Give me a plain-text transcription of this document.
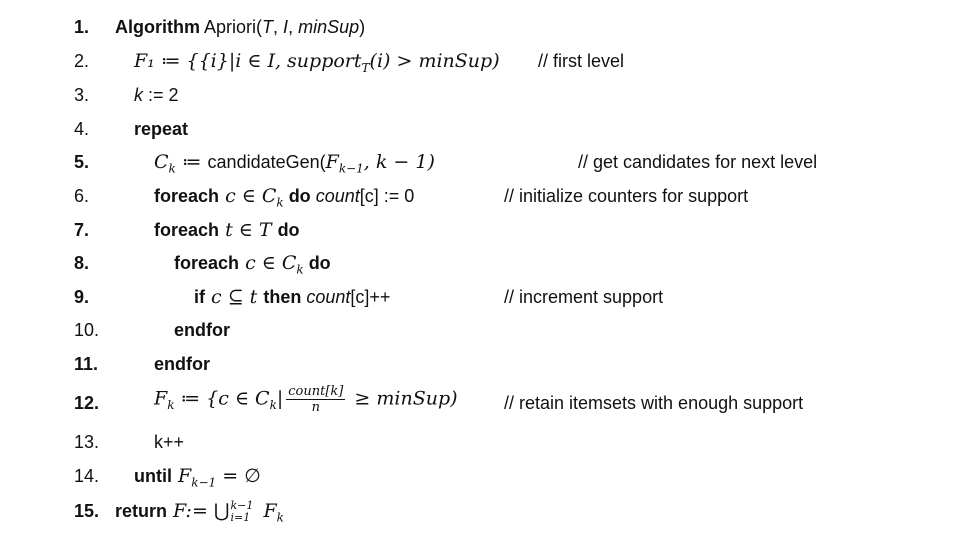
1. Algorithm Apriori(T, I, minSup)
2. F₁ ≔ {{i}|i ∈ I, support$_T$(i) > minSup) // first level
3. k := 2
4. repeat
5.	$C_k$ ≔ $candidateGen(F_{k-1}$, k − 1)	// get candidates for next level
6.	foreach c ∈ $C_k$ do count[c] := 0	// initialize counters for support
7.	foreach t ∈ T do
8.	foreach c ∈ $C_k$ do
9.	if c ⊆ t then count[c]++	// increment support
10.	endfor
11.	endfor
12.	$F_k$ ≔ {c ∈ $C_k| \frac{\text{count[k]}}{n}$ ≥ minSup)	// retain itemsets with enough support
13.	k++
14. until $F_{k-1}$ = ∅
15. return F:= ⋃ k−1
i=1 $F_k$
